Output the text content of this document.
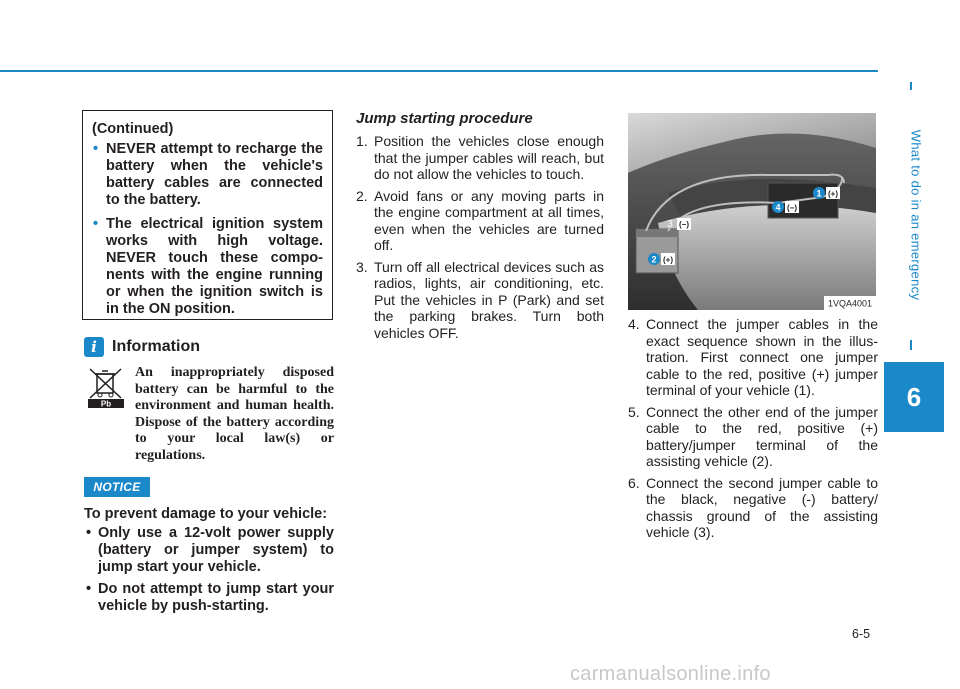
What to do in an emergency
6
(Continued)
• NEVER attempt to recharge the battery when the vehicle's battery cables are connected to the battery.
• The electrical ignition system works with high voltage. NEVER touch these compo-nents with the engine running or when the ignition switch is in the ON position.
i Information
Pb
An inappropriately disposed battery can be harmful to the environment and human health. Dispose of the battery according to your local law(s) or regulations.
NOTICE
To prevent damage to your vehicle:
• Only use a 12-volt power supply (battery or jumper system) to jump start your vehicle.
• Do not attempt to jump start your vehicle by push-starting.
Jump starting procedure
1. Position the vehicles close enough that the jumper cables will reach, but do not allow the vehicles to touch.
2. Avoid fans or any moving parts in the engine compartment at all times, even when the vehicles are turned off.
3. Turn off all electrical devices such as radios, lights, air conditioning, etc. Put the vehicles in P (Park) and set the parking brakes. Turn both vehicles OFF.
1 (+)
4 (−)
3 (−)
2 (+)
1VQA4001
4. Connect the jumper cables in the exact sequence shown in the illus-tration. First connect one jumper cable to the red, positive (+) jumper terminal of your vehicle (1).
5. Connect the other end of the jumper cable to the red, positive (+) battery/jumper terminal of the assisting vehicle (2).
6. Connect the second jumper cable to the black, negative (-) battery/ chassis ground of the assisting vehicle (3).
6-5
carmanualsonline.info
